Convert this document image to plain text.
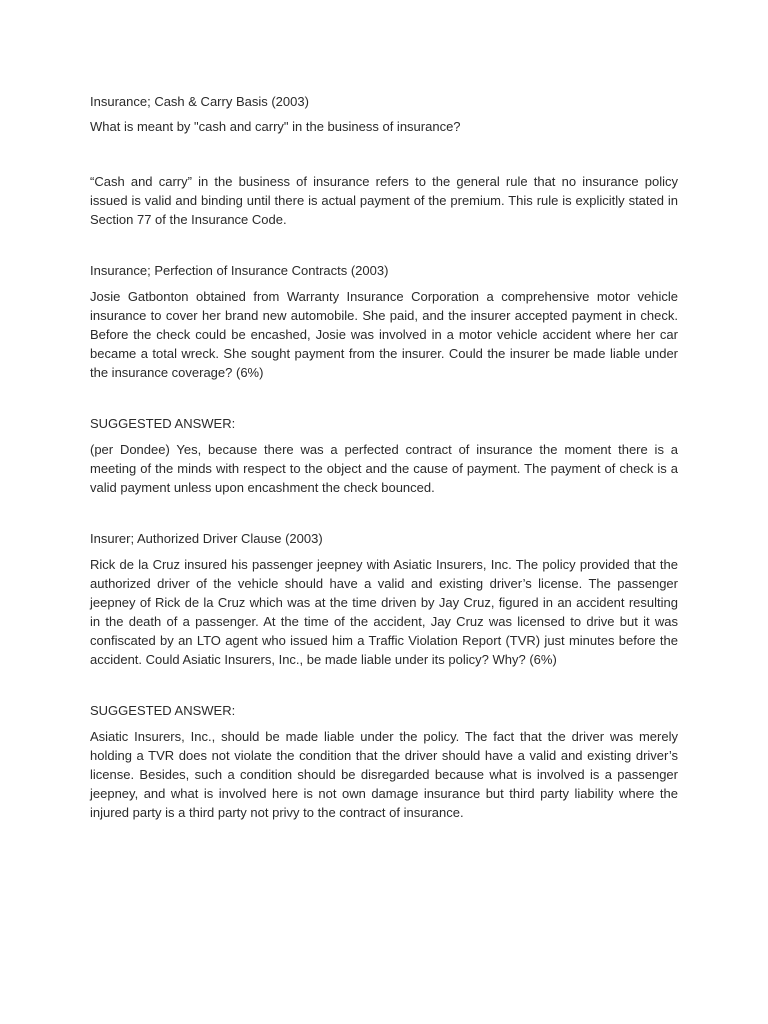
Insurance; Cash & Carry Basis (2003)

What is meant by "cash and carry" in the business of insurance?

“Cash and carry” in the business of insurance refers to the general rule that no insurance policy issued is valid and binding until there is actual payment of the premium. This rule is explicitly stated in Section 77 of the Insurance Code.

Insurance; Perfection of Insurance Contracts (2003)

Josie Gatbonton obtained from Warranty Insurance Corporation a comprehensive motor vehicle insurance to cover her brand new automobile. She paid, and the insurer accepted payment in check. Before the check could be encashed, Josie was involved in a motor vehicle accident where her car became a total wreck. She sought payment from the insurer. Could the insurer be made liable under the insurance coverage? (6%)

SUGGESTED ANSWER:

(per Dondee) Yes, because there was a perfected contract of insurance the moment there is a meeting of the minds with respect to the object and the cause of payment. The payment of check is a valid payment unless upon encashment the check bounced.

Insurer; Authorized Driver Clause (2003)

Rick de la Cruz insured his passenger jeepney with Asiatic Insurers, Inc. The policy provided that the authorized driver of the vehicle should have a valid and existing driver’s license. The passenger jeepney of Rick de la Cruz which was at the time driven by Jay Cruz, figured in an accident resulting in the death of a passenger. At the time of the accident, Jay Cruz was licensed to drive but it was confiscated by an LTO agent who issued him a Traffic Violation Report (TVR) just minutes before the accident. Could Asiatic Insurers, Inc., be made liable under its policy? Why? (6%)

SUGGESTED ANSWER:

Asiatic Insurers, Inc., should be made liable under the policy. The fact that the driver was merely holding a TVR does not violate the condition that the driver should have a valid and existing driver’s license. Besides, such a condition should be disregarded because what is involved is a passenger jeepney, and what is involved here is not own damage insurance but third party liability where the injured party is a third party not privy to the contract of insurance.
